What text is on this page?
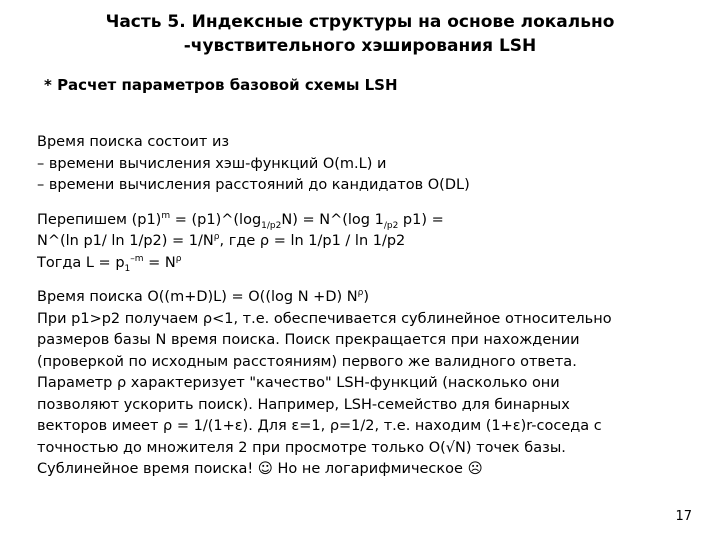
Часть 5. Индексные структуры на основе локально
-чувствительного хэширования LSH
* Расчет параметров базовой схемы LSH
Время поиска состоит из
– времени вычисления хэш-функций O(m.L) и
– времени вычисления расстояний до кандидатов O(DL)
Перепишем $(p1)^m$ = $(p1)\^{}(\log_{1/p2}N)$ = N^(log $1_{/p2}$ p1) =
N^(ln p1/ $\ln 1/p2) = 1/N^\rho$, где ρ = ln 1/p1 / ln 1/p2
Тогда $L = p_1^{-m} = N^\rho$
Время поиска O((m+D)L) = O((log N +D) $N^\rho$)
При p1>p2 получаем ρ<1, т.е. обеспечивается сублинейное относительно
размеров базы N время поиска. Поиск прекращается при нахождении
(проверкой по исходным расстояниям) первого же валидного ответа.
Параметр ρ характеризует "качество" LSH-функций (насколько они
позволяют ускорить поиск). Например, LSH-семейство для бинарных
векторов имеет ρ = 1/(1+ε). Для ε=1, ρ=1/2, т.е. находим (1+ε)r-соседа с
точностью до множителя 2 при просмотре только O(√N) точек базы.
Сублинейное время поиска! ☺ Но не логарифмическое ☹
17
